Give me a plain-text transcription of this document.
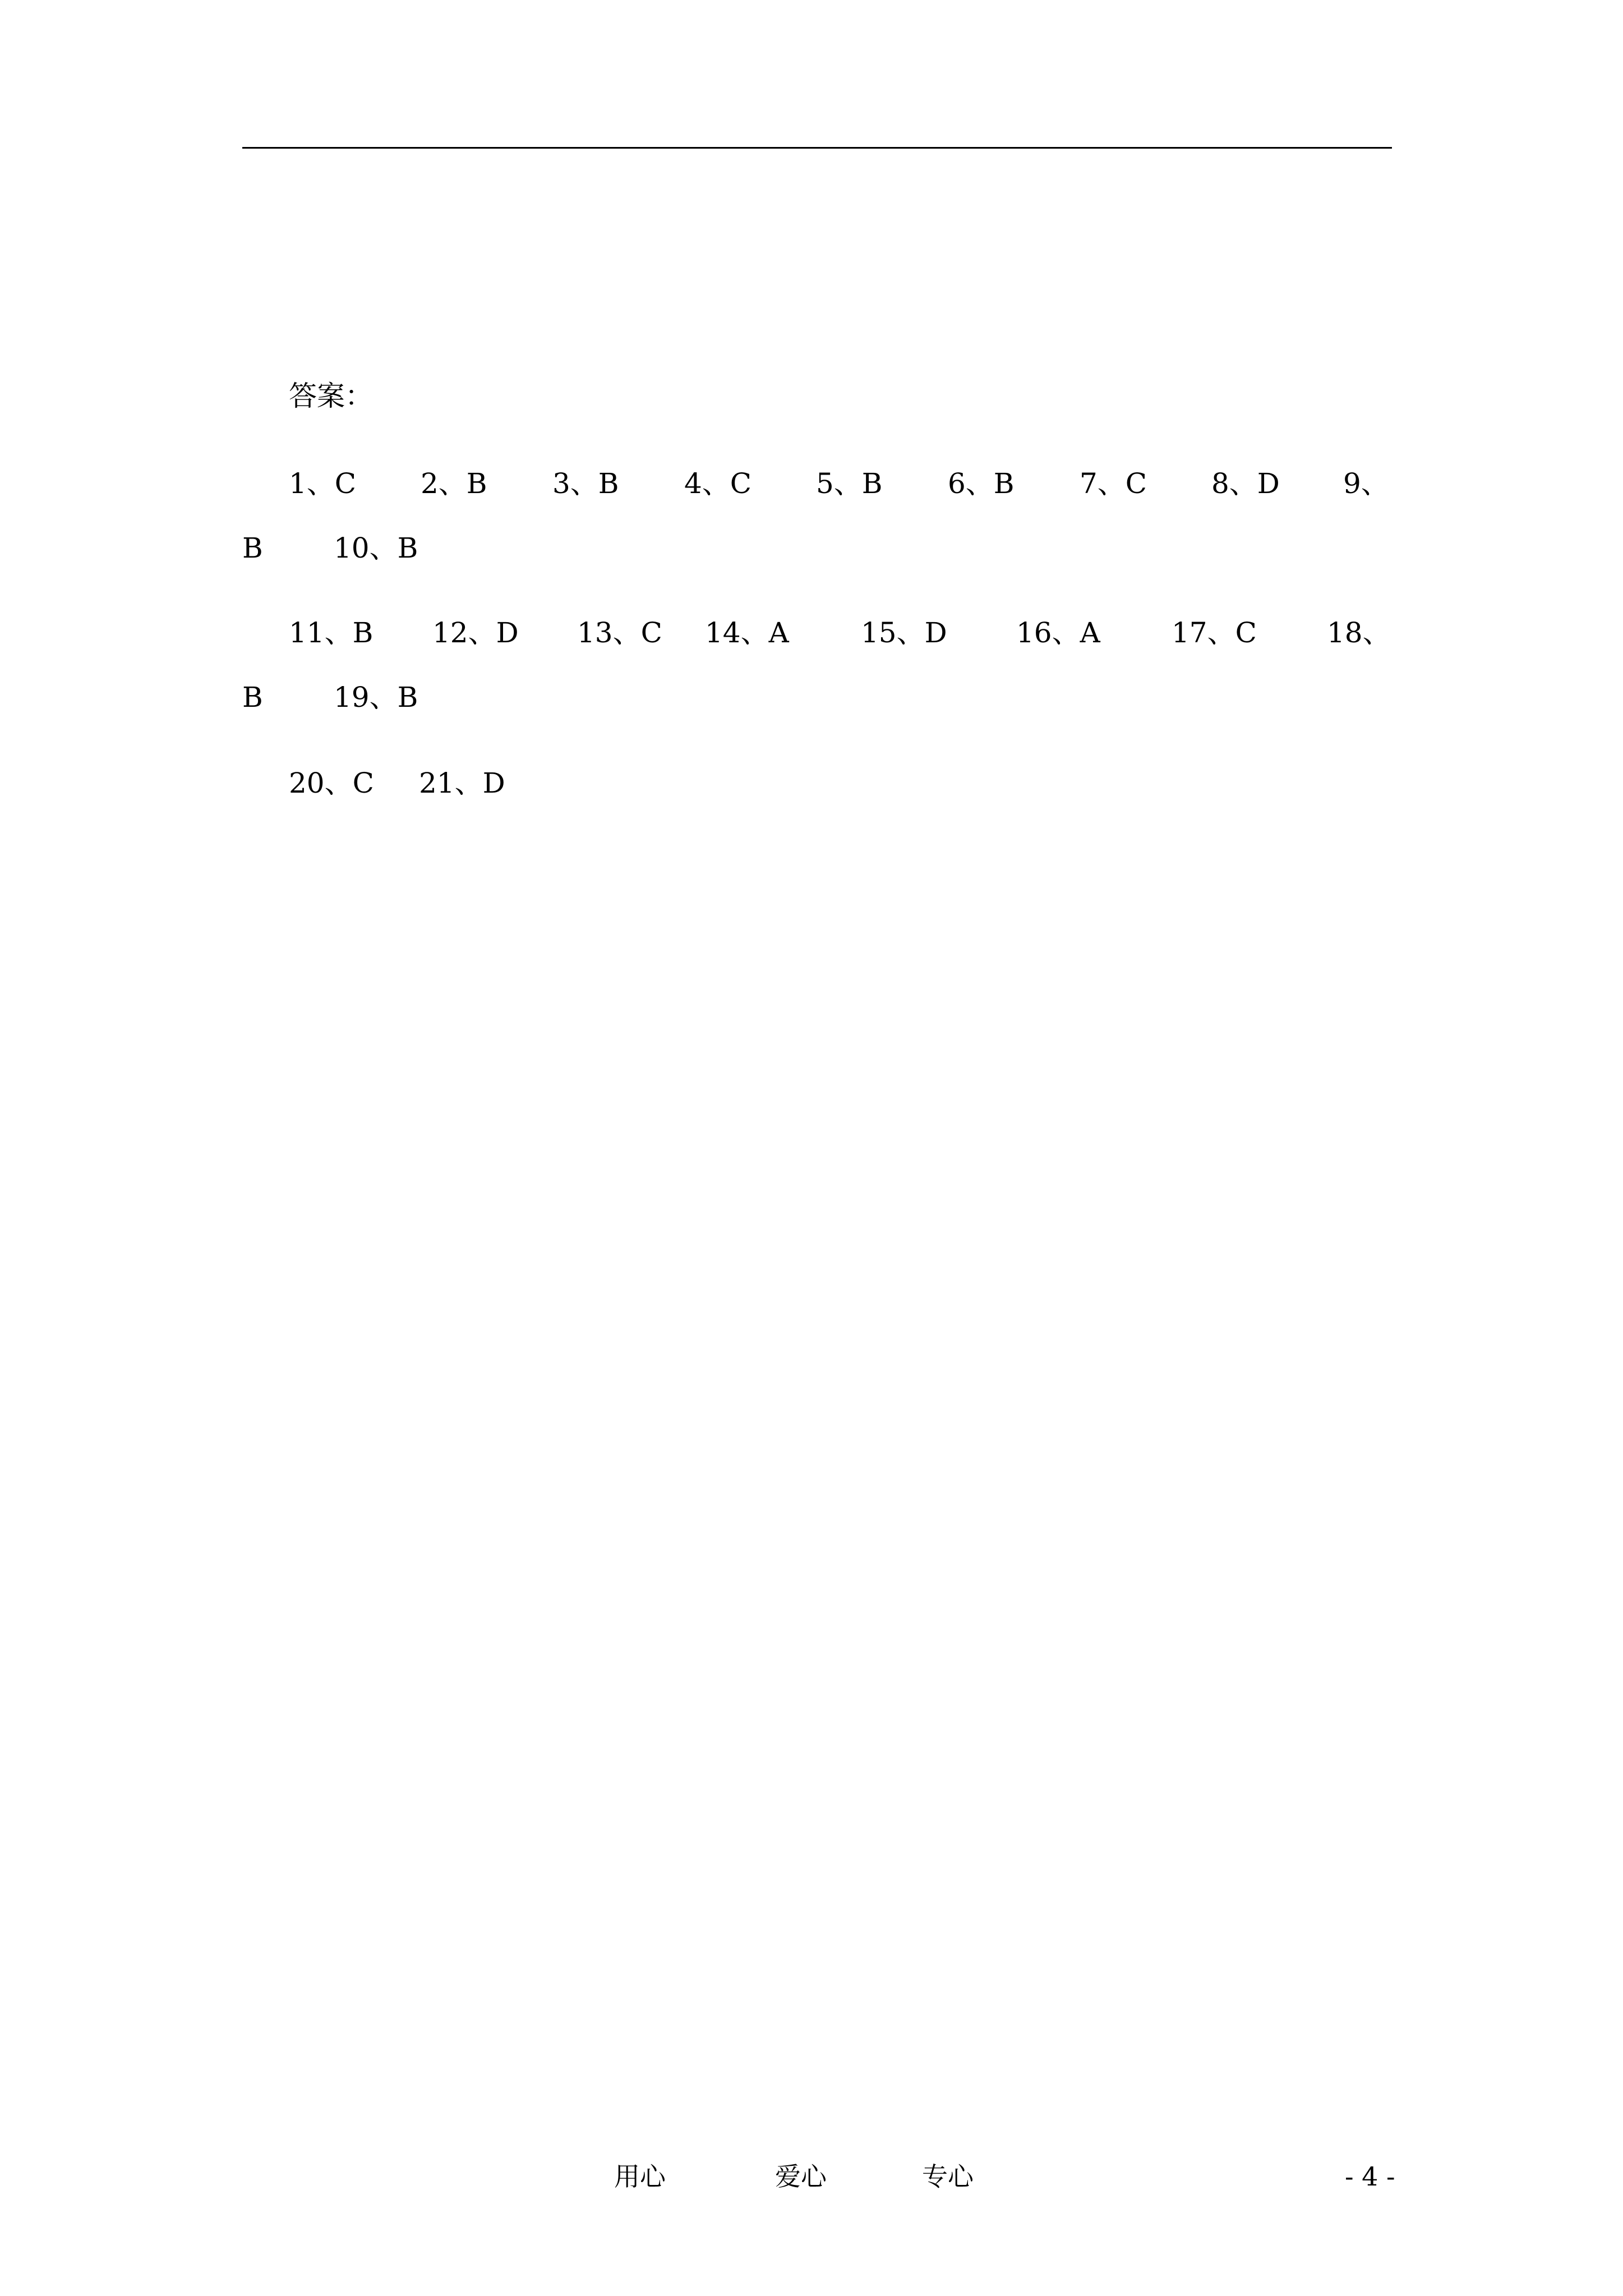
答案：
1、C 2、B 3、B 4、C 5、B 6、B 7、C 8、D 9、
B	10、B
11、B 12、D 13、C 14、A	15、D 16、A	17、C	18、
B	19、B
20、C 21、D
用心	爱心	专心	- 4 -
